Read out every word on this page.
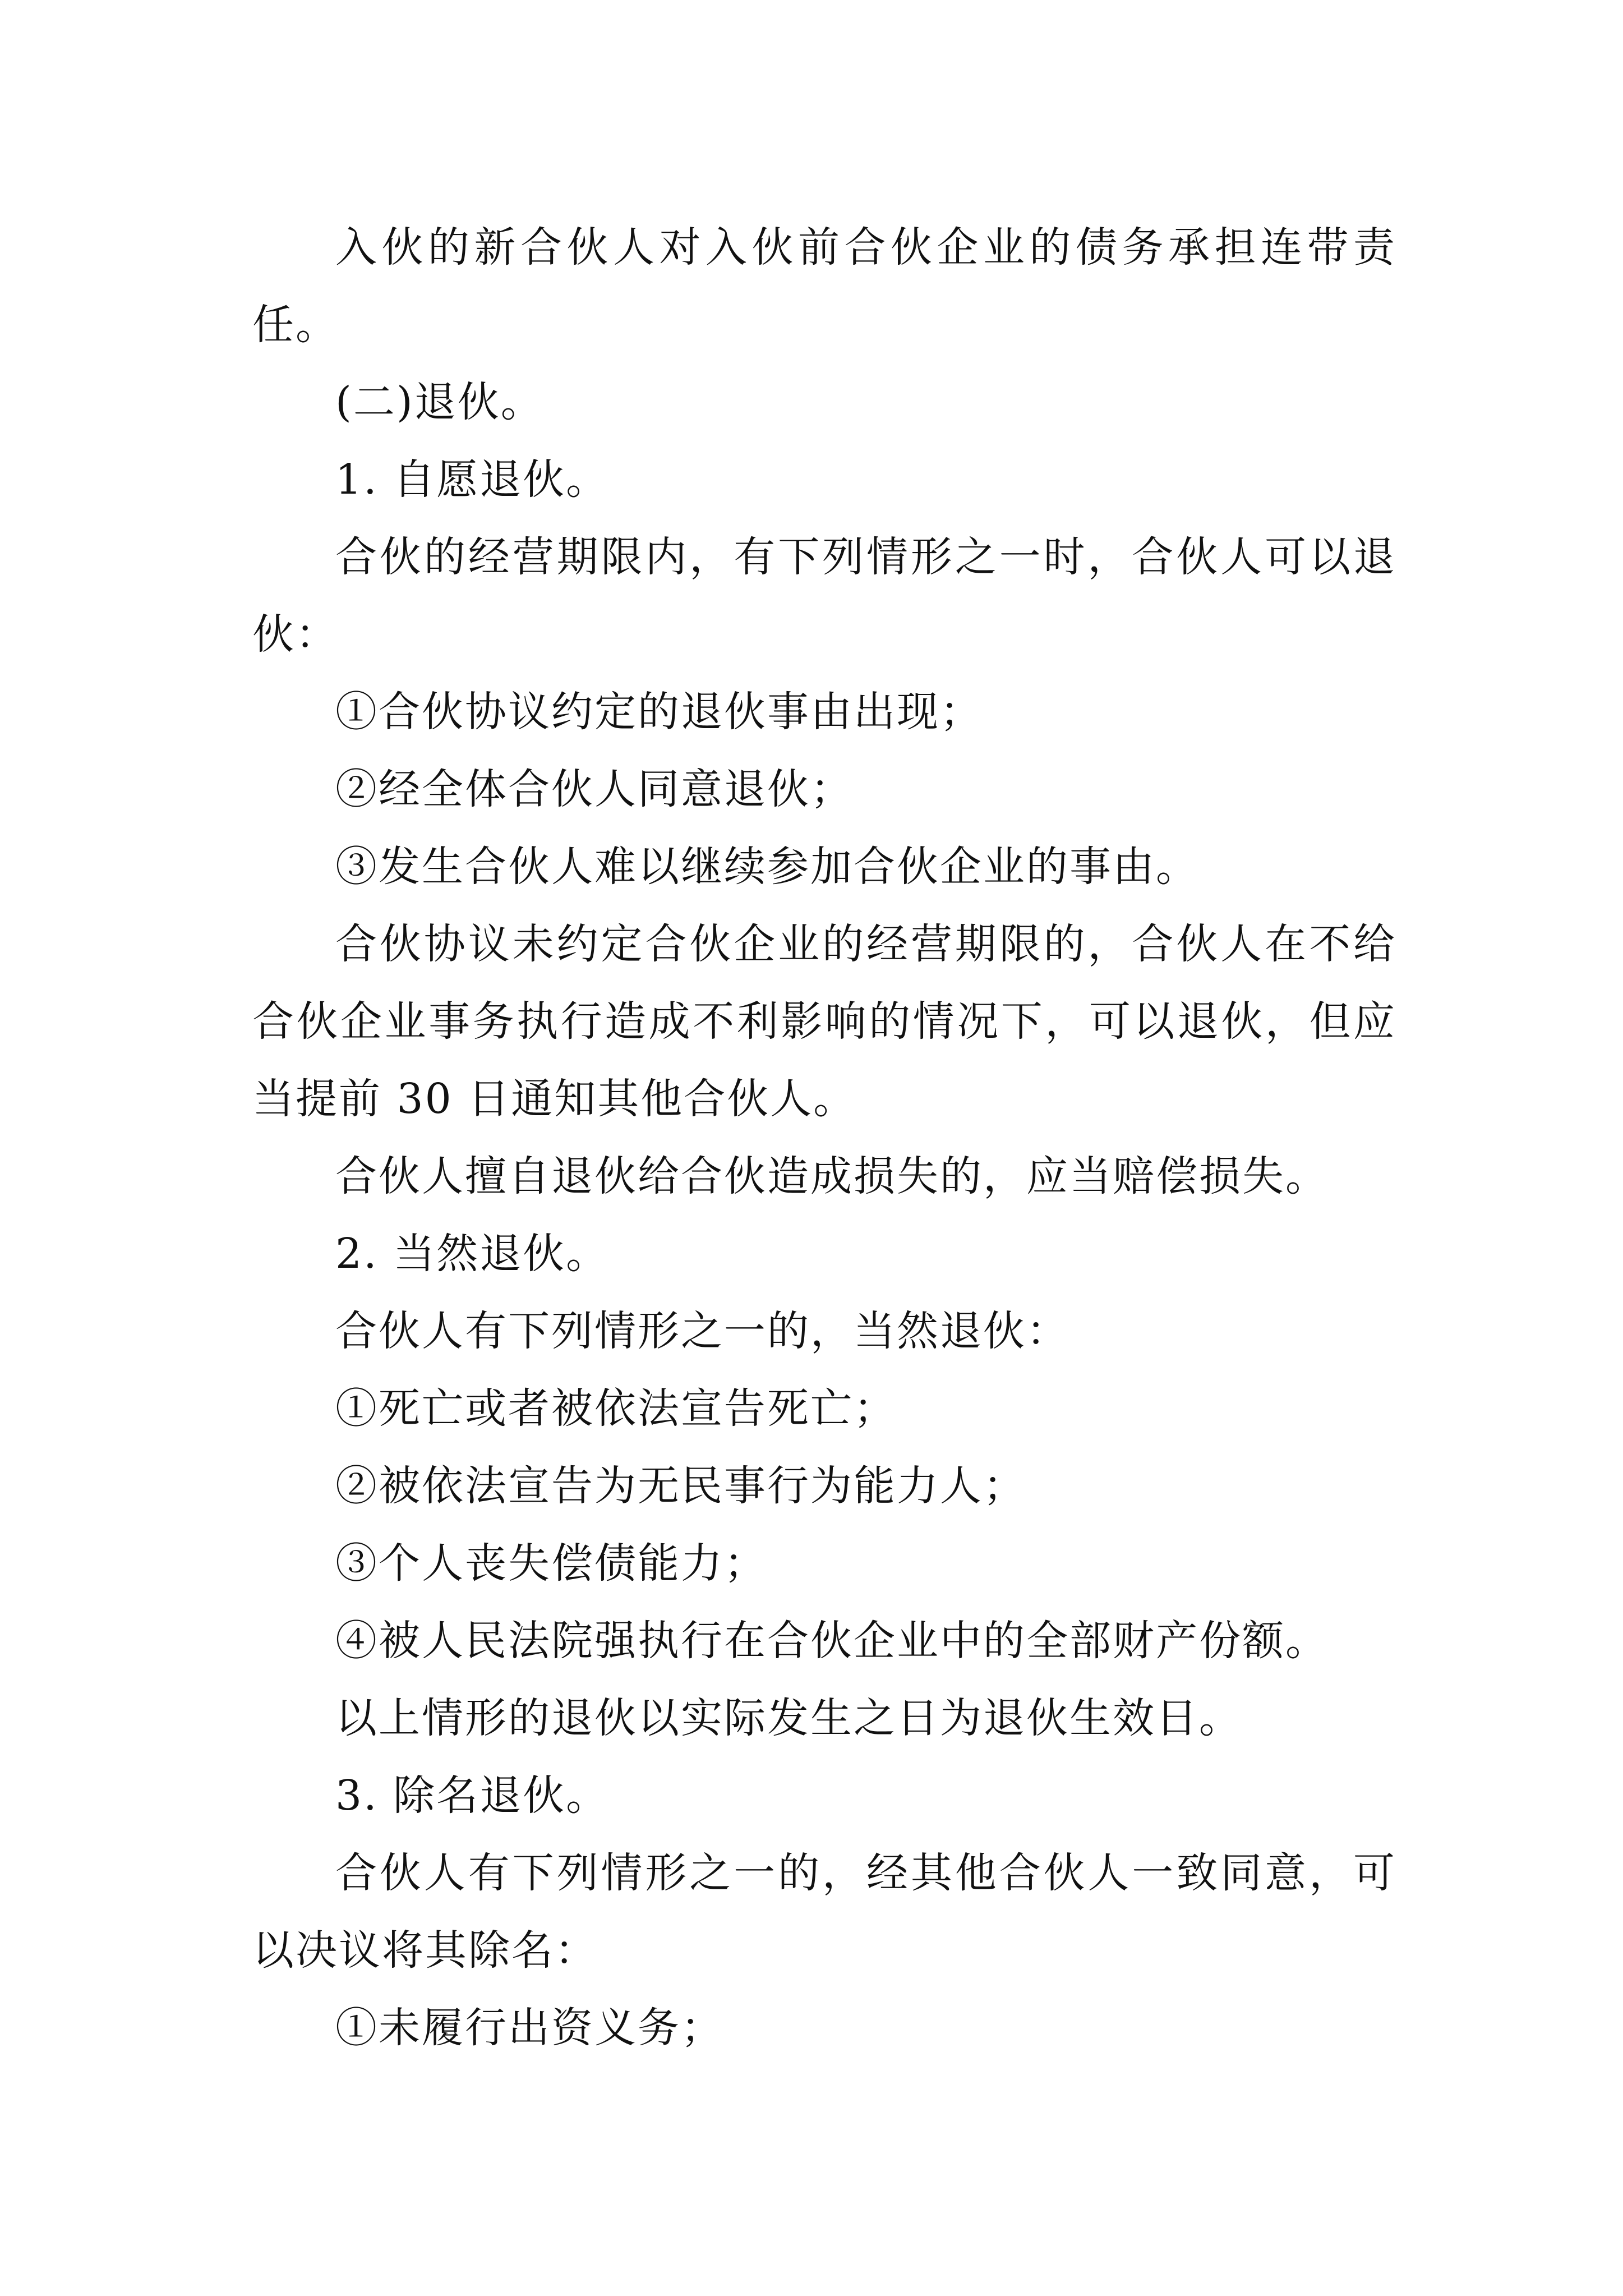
入伙的新合伙人对入伙前合伙企业的债务承担连带责任。

(二)退伙。

1. 自愿退伙。

合伙的经营期限内，有下列情形之一时，合伙人可以退伙：

①合伙协议约定的退伙事由出现；

②经全体合伙人同意退伙；

③发生合伙人难以继续参加合伙企业的事由。

合伙协议未约定合伙企业的经营期限的，合伙人在不给合伙企业事务执行造成不利影响的情况下，可以退伙，但应当提前 30 日通知其他合伙人。

合伙人擅自退伙给合伙造成损失的，应当赔偿损失。

2. 当然退伙。

合伙人有下列情形之一的，当然退伙：

①死亡或者被依法宣告死亡；

②被依法宣告为无民事行为能力人；

③个人丧失偿债能力；

④被人民法院强执行在合伙企业中的全部财产份额。

以上情形的退伙以实际发生之日为退伙生效日。

3. 除名退伙。

合伙人有下列情形之一的，经其他合伙人一致同意，可以决议将其除名：

①未履行出资义务；
